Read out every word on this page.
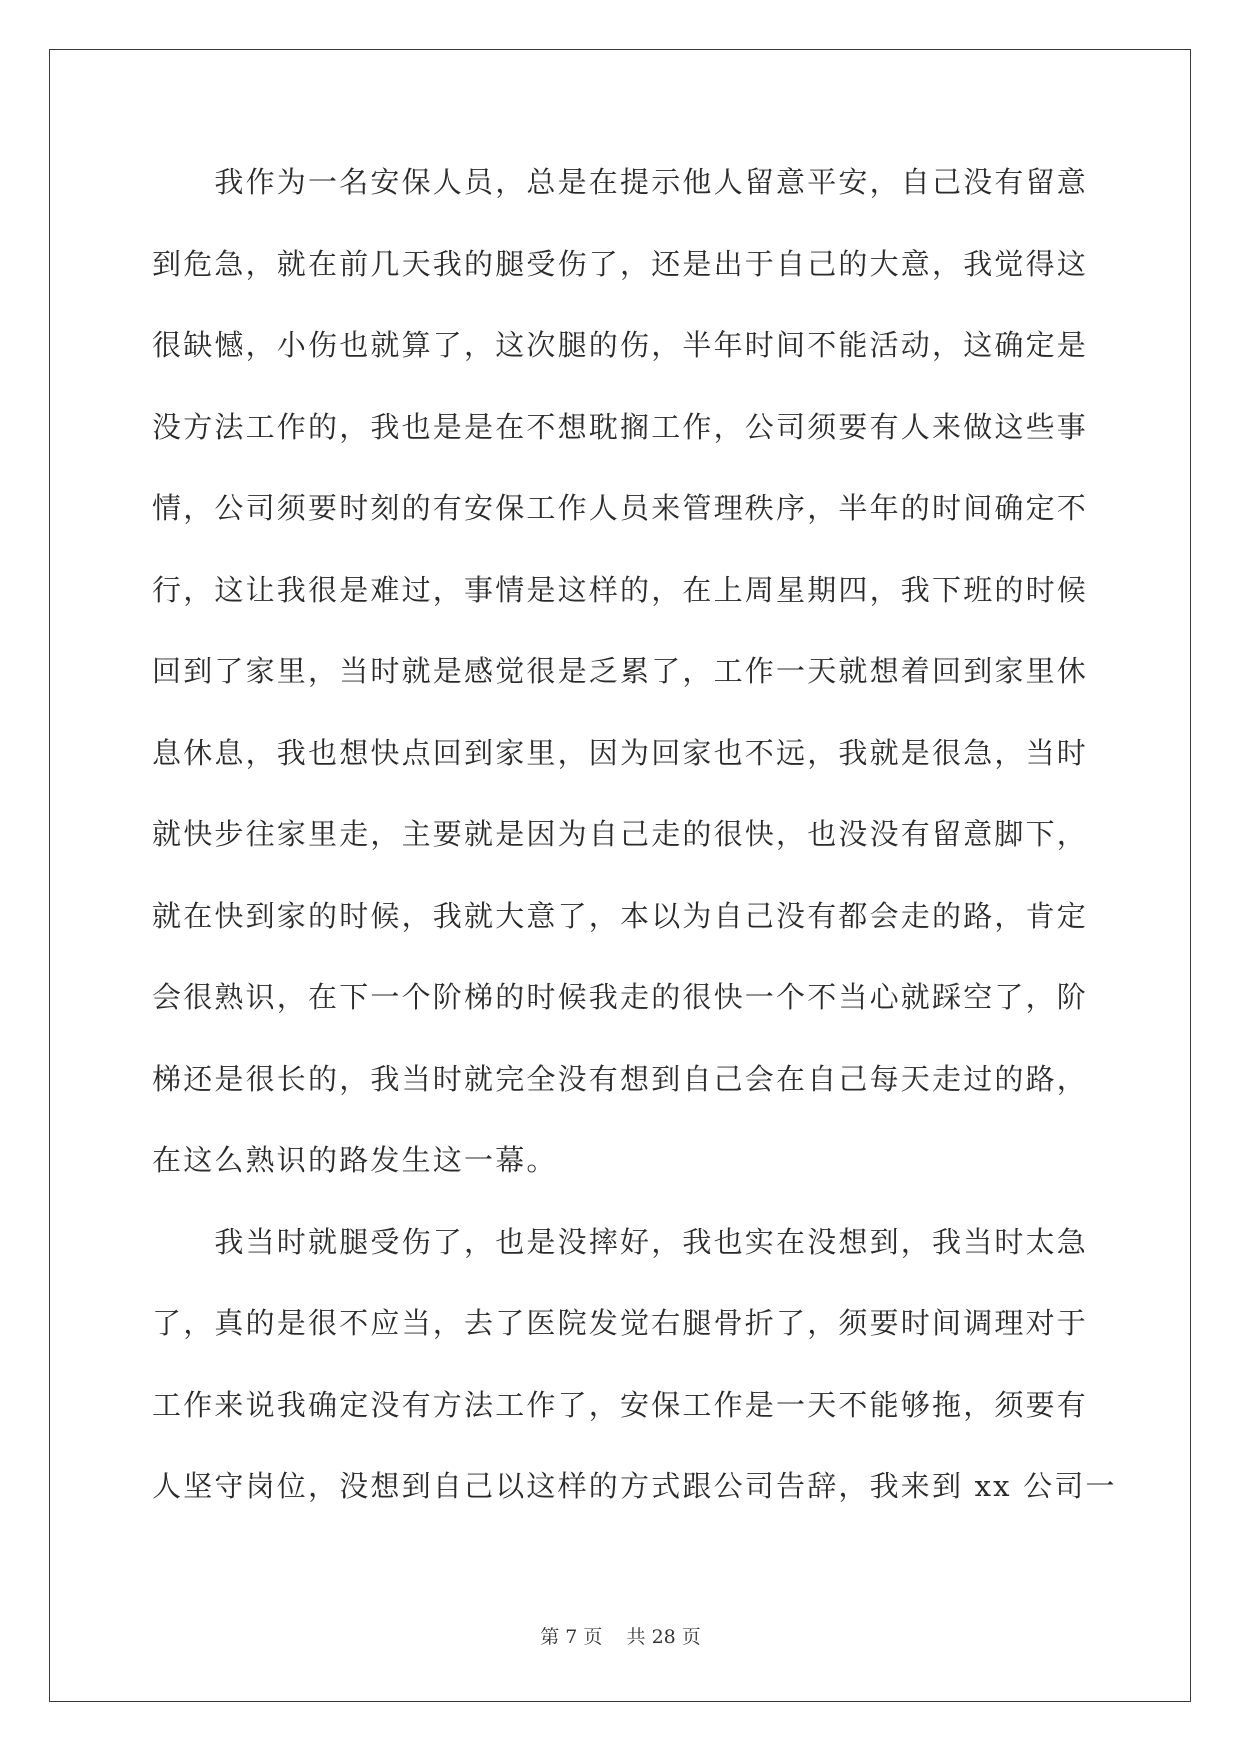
　　我作为一名安保人员，总是在提示他人留意平安，自己没有留意
到危急，就在前几天我的腿受伤了，还是出于自己的大意，我觉得这
很缺憾，小伤也就算了，这次腿的伤，半年时间不能活动，这确定是
没方法工作的，我也是是在不想耽搁工作，公司须要有人来做这些事
情，公司须要时刻的有安保工作人员来管理秩序，半年的时间确定不
行，这让我很是难过，事情是这样的，在上周星期四，我下班的时候
回到了家里，当时就是感觉很是乏累了，工作一天就想着回到家里休
息休息，我也想快点回到家里，因为回家也不远，我就是很急，当时
就快步往家里走，主要就是因为自己走的很快，也没没有留意脚下，
就在快到家的时候，我就大意了，本以为自己没有都会走的路，肯定
会很熟识，在下一个阶梯的时候我走的很快一个不当心就踩空了，阶
梯还是很长的，我当时就完全没有想到自己会在自己每天走过的路，
在这么熟识的路发生这一幕。
　　我当时就腿受伤了，也是没摔好，我也实在没想到，我当时太急
了，真的是很不应当，去了医院发觉右腿骨折了，须要时间调理对于
工作来说我确定没有方法工作了，安保工作是一天不能够拖，须要有
人坚守岗位，没想到自己以这样的方式跟公司告辞，我来到 xx 公司一
第 7 页 共 28 页
